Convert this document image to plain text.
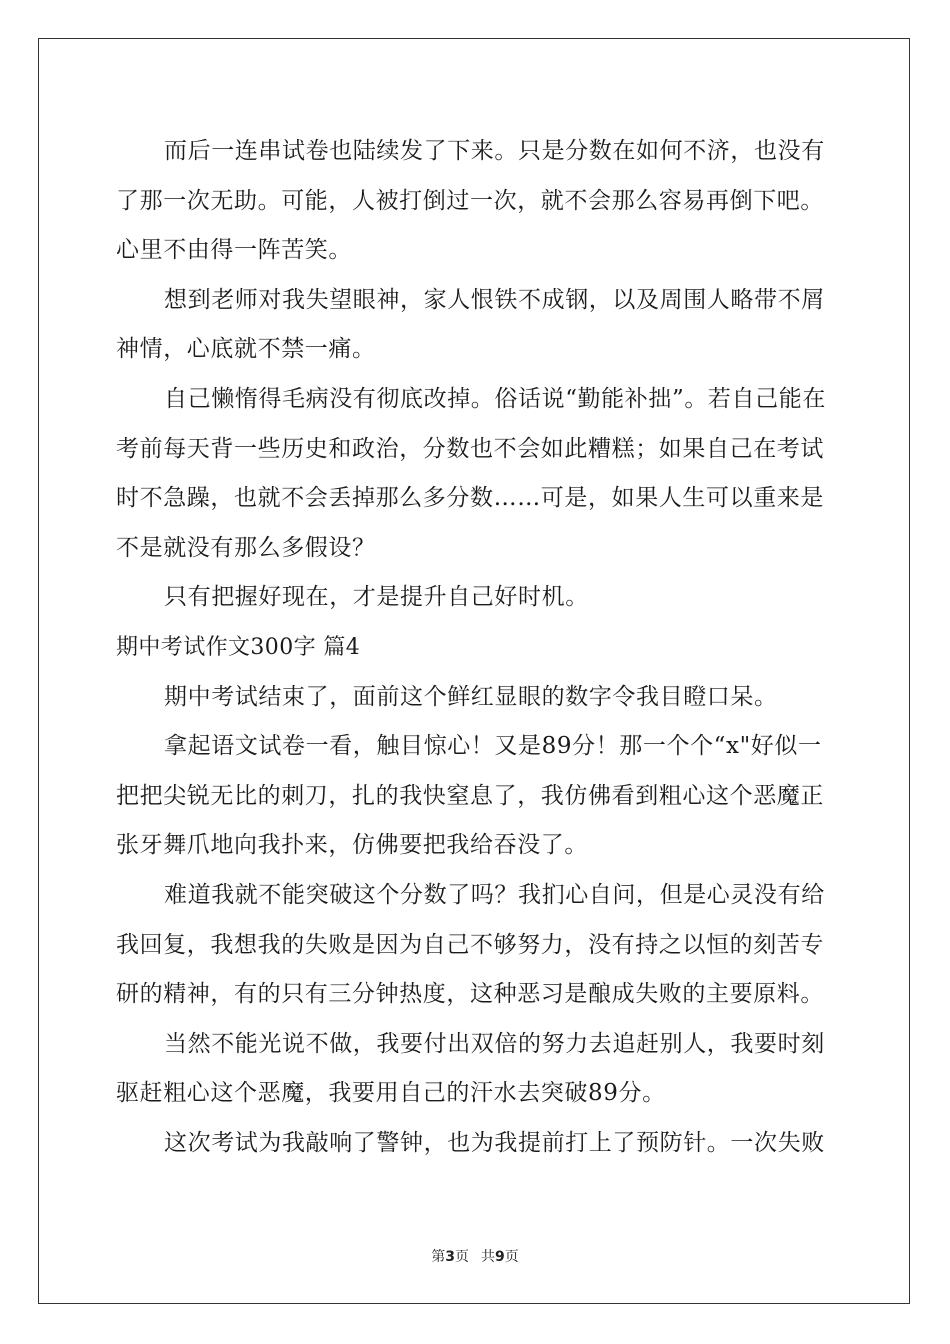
而后一连串试卷也陆续发了下来。只是分数在如何不济，也没有了那一次无助。可能，人被打倒过一次，就不会那么容易再倒下吧。心里不由得一阵苦笑。

想到老师对我失望眼神，家人恨铁不成钢，以及周围人略带不屑神情，心底就不禁一痛。

自己懒惰得毛病没有彻底改掉。俗话说“勤能补拙”。若自己能在考前每天背一些历史和政治，分数也不会如此糟糕；如果自己在考试时不急躁，也就不会丢掉那么多分数……可是，如果人生可以重来是不是就没有那么多假设？

只有把握好现在，才是提升自己好时机。

期中考试作文300字 篇4

期中考试结束了，面前这个鲜红显眼的数字令我目瞪口呆。

拿起语文试卷一看，触目惊心！又是89分！那一个个“x"好似一把把尖锐无比的刺刀，扎的我快窒息了，我仿佛看到粗心这个恶魔正张牙舞爪地向我扑来，仿佛要把我给吞没了。

难道我就不能突破这个分数了吗？我扪心自问，但是心灵没有给我回复，我想我的失败是因为自己不够努力，没有持之以恒的刻苦专研的精神，有的只有三分钟热度，这种恶习是酿成失败的主要原料。

当然不能光说不做，我要付出双倍的努力去追赶别人，我要时刻驱赶粗心这个恶魔，我要用自己的汗水去突破89分。

这次考试为我敲响了警钟，也为我提前打上了预防针。一次失败

第3页 共9页
